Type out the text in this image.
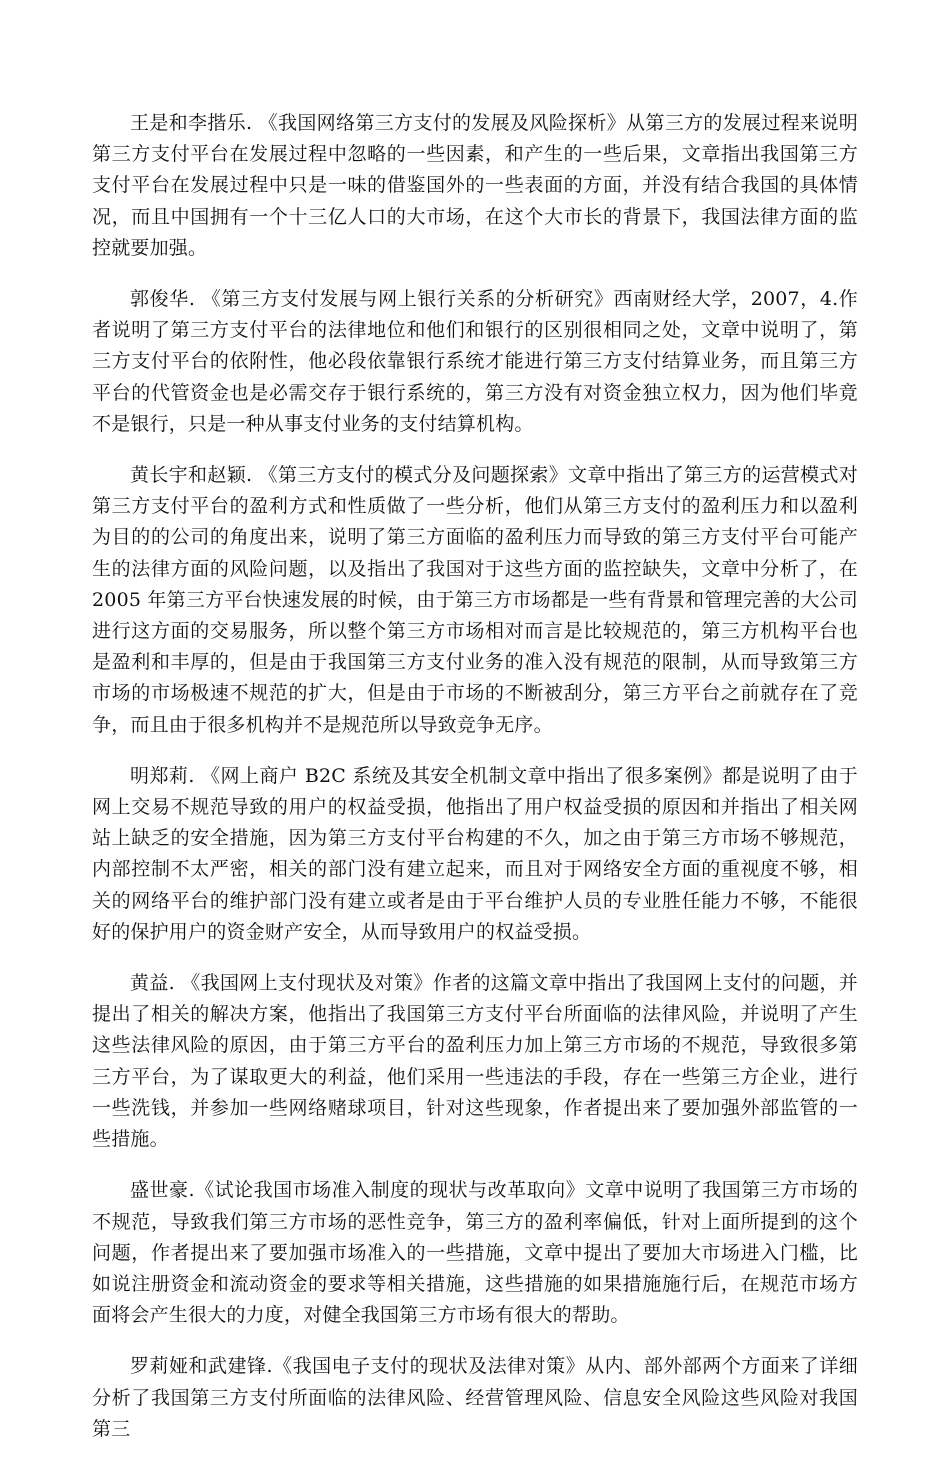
王是和李揩乐. 《我国网络第三方支付的发展及风险探析》从第三方的发展过程来说明第三方支付平台在发展过程中忽略的一些因素，和产生的一些后果，文章指出我国第三方支付平台在发展过程中只是一味的借鉴国外的一些表面的方面，并没有结合我国的具体情况，而且中国拥有一个十三亿人口的大市场，在这个大市长的背景下，我国法律方面的监控就要加强。

郭俊华. 《第三方支付发展与网上银行关系的分析研究》西南财经大学，2007，4.作者说明了第三方支付平台的法律地位和他们和银行的区别很相同之处，文章中说明了，第三方支付平台的依附性，他必段依靠银行系统才能进行第三方支付结算业务，而且第三方平台的代管资金也是必需交存于银行系统的，第三方没有对资金独立权力，因为他们毕竟不是银行，只是一种从事支付业务的支付结算机构。

黄长宇和赵颖. 《第三方支付的模式分及问题探索》文章中指出了第三方的运营模式对第三方支付平台的盈利方式和性质做了一些分析，他们从第三方支付的盈利压力和以盈利为目的的公司的角度出来，说明了第三方面临的盈利压力而导致的第三方支付平台可能产生的法律方面的风险问题，以及指出了我国对于这些方面的监控缺失，文章中分析了，在 2005 年第三方平台快速发展的时候，由于第三方市场都是一些有背景和管理完善的大公司进行这方面的交易服务，所以整个第三方市场相对而言是比较规范的，第三方机构平台也是盈利和丰厚的，但是由于我国第三方支付业务的准入没有规范的限制，从而导致第三方市场的市场极速不规范的扩大，但是由于市场的不断被刮分，第三方平台之前就存在了竞争，而且由于很多机构并不是规范所以导致竞争无序。

明郑莉. 《网上商户 B2C 系统及其安全机制文章中指出了很多案例》都是说明了由于网上交易不规范导致的用户的权益受损，他指出了用户权益受损的原因和并指出了相关网站上缺乏的安全措施，因为第三方支付平台构建的不久，加之由于第三方市场不够规范，内部控制不太严密，相关的部门没有建立起来，而且对于网络安全方面的重视度不够，相关的网络平台的维护部门没有建立或者是由于平台维护人员的专业胜任能力不够，不能很好的保护用户的资金财产安全，从而导致用户的权益受损。

黄益. 《我国网上支付现状及对策》作者的这篇文章中指出了我国网上支付的问题，并提出了相关的解决方案，他指出了我国第三方支付平台所面临的法律风险，并说明了产生这些法律风险的原因，由于第三方平台的盈利压力加上第三方市场的不规范，导致很多第三方平台，为了谋取更大的利益，他们采用一些违法的手段，存在一些第三方企业，进行一些洗钱，并参加一些网络赌球项目，针对这些现象，作者提出来了要加强外部监管的一些措施。

盛世豪.《试论我国市场准入制度的现状与改革取向》文章中说明了我国第三方市场的不规范，导致我们第三方市场的恶性竞争，第三方的盈利率偏低，针对上面所提到的这个问题，作者提出来了要加强市场准入的一些措施，文章中提出了要加大市场进入门槛，比如说注册资金和流动资金的要求等相关措施，这些措施的如果措施施行后，在规范市场方面将会产生很大的力度，对健全我国第三方市场有很大的帮助。

罗莉娅和武建锋.《我国电子支付的现状及法律对策》从内、部外部两个方面来了详细分析了我国第三方支付所面临的法律风险、经营管理风险、信息安全风险这些风险对我国第三
